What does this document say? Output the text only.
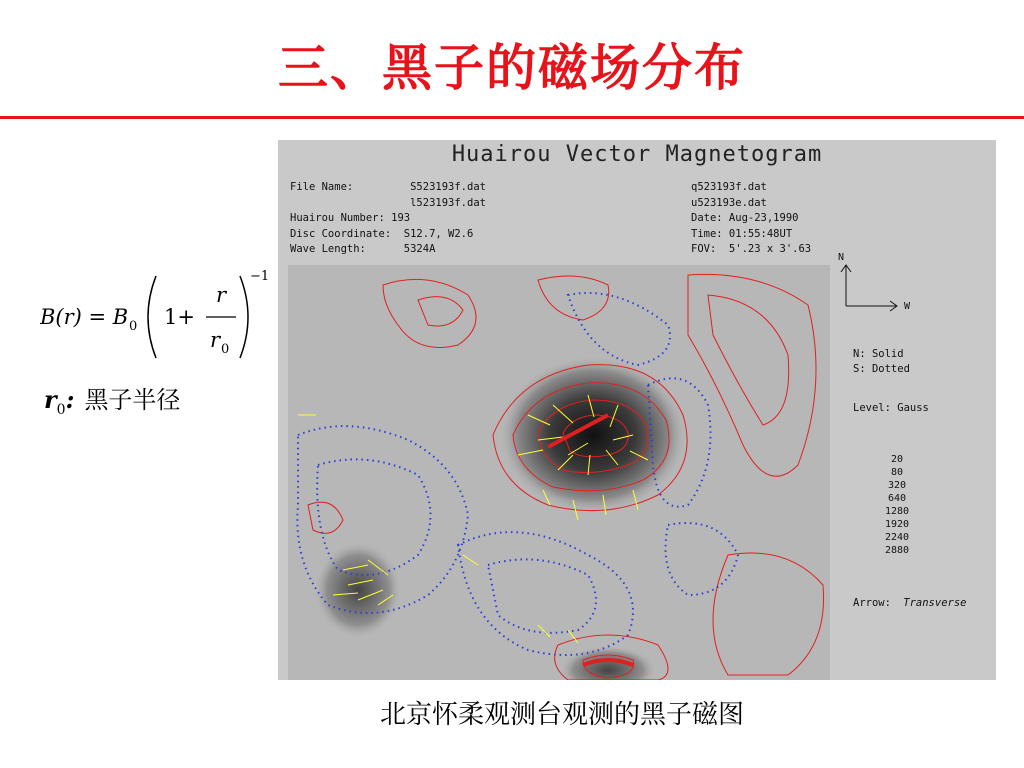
三、黑子的磁场分布
B(r) = B 0 1+
r
r 0
−1
$r_0$: 黑子半径
Huairou Vector Magnetogram
File Name:         S523193f.dat
l523193f.dat
Huairou Number: 193
Disc Coordinate:  S12.7, W2.6
Wave Length:      5324A
q523193f.dat
u523193e.dat
Date: Aug-23,1990
Time: 01:55:48UT
FOV:  5'.23 x 3'.63
N
W
N: Solid
S: Dotted
Level: Gauss
20
80
320
640
1280
1920
2240
2880
Arrow: Transverse
北京怀柔观测台观测的黑子磁图
